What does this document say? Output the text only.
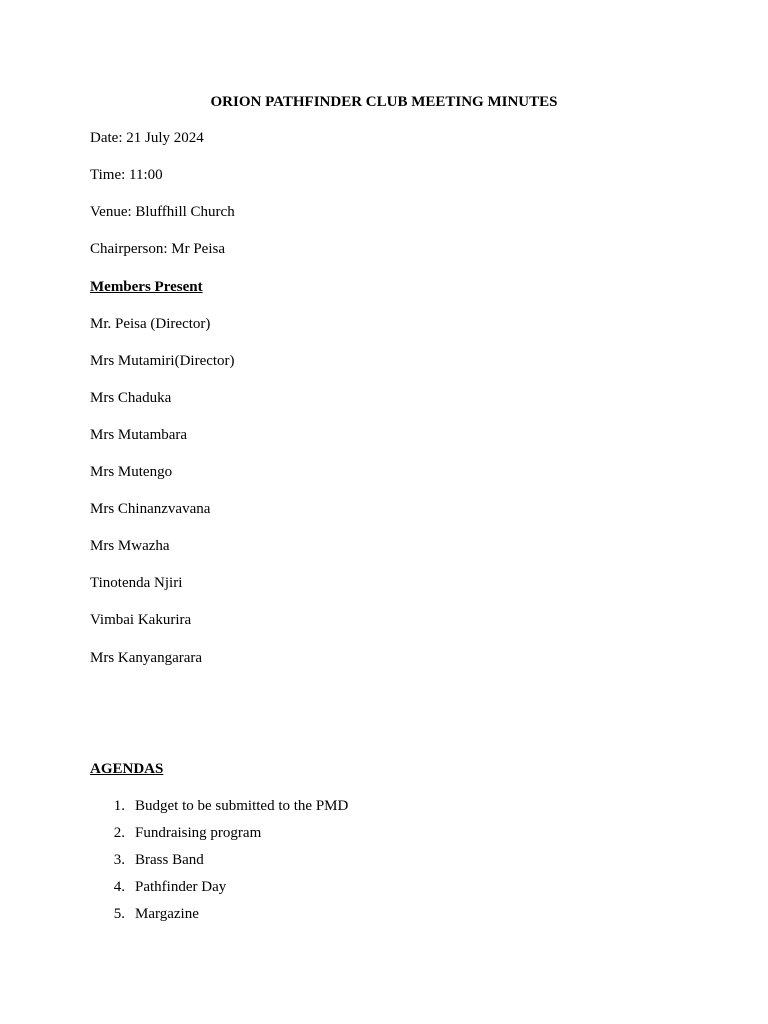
ORION PATHFINDER CLUB MEETING MINUTES
Date: 21 July 2024
Time: 11:00
Venue: Bluffhill Church
Chairperson: Mr Peisa
Members Present
Mr. Peisa (Director)
Mrs Mutamiri(Director)
Mrs Chaduka
Mrs Mutambara
Mrs Mutengo
Mrs Chinanzvavana
Mrs Mwazha
Tinotenda Njiri
Vimbai Kakurira
Mrs Kanyangarara
AGENDAS
1. Budget to be submitted to the PMD
2. Fundraising program
3. Brass Band
4. Pathfinder Day
5. Margazine
